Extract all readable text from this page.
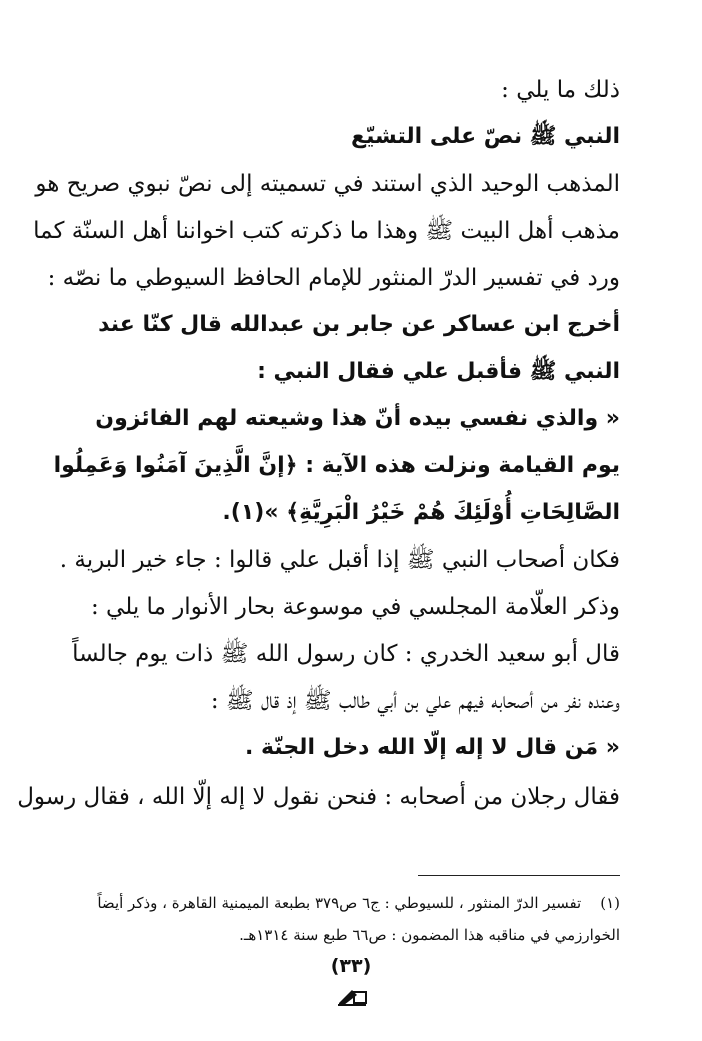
ذلك ما يلي :
النبي ﷺ نصّ على التشيّع
المذهب الوحيد الذي استند في تسميته إلى نصّ نبوي صريح هو
مذهب أهل البيت ﷺ وهذا ما ذكرته كتب اخواننا أهل السنّة كما
ورد في تفسير الدرّ المنثور للإمام الحافظ السيوطي ما نصّه :
أخرج ابن عساكر عن جابر بن عبدالله قال كنّا عند
النبي ﷺ فأقبل علي فقال النبي :
« والذي نفسي بيده أنّ هذا وشيعته لهم الفائزون
يوم القيامة ونزلت هذه الآية : ﴿إنَّ الَّذِينَ آمَنُوا وَعَمِلُوا
الصَّالِحَاتِ أُوْلَئِكَ هُمْ خَيْرُ الْبَرِيَّةِ﴾ »(١).
فكان أصحاب النبي ﷺ إذا أقبل علي قالوا : جاء خير البرية .
وذكر العلّامة المجلسي في موسوعة بحار الأنوار ما يلي :
قال أبو سعيد الخدري : كان رسول الله ﷺ ذات يوم جالساً
وعنده نفر من أصحابه فيهم علي بن أبي طالب ﷺ إذ قال ﷺ :
« مَن قال لا إله إلّا الله دخل الجنّة .
فقال رجلان من أصحابه : فنحن نقول لا إله إلّا الله ، فقال رسول
(١) تفسير الدرّ المنثور ، للسيوطي : ج٦ ص٣٧٩ بطبعة الميمنية القاهرة ، وذكر أيضاً
الخوارزمي في مناقبه هذا المضمون : ص٦٦ طبع سنة ١٣١٤هـ.
(٣٣)
